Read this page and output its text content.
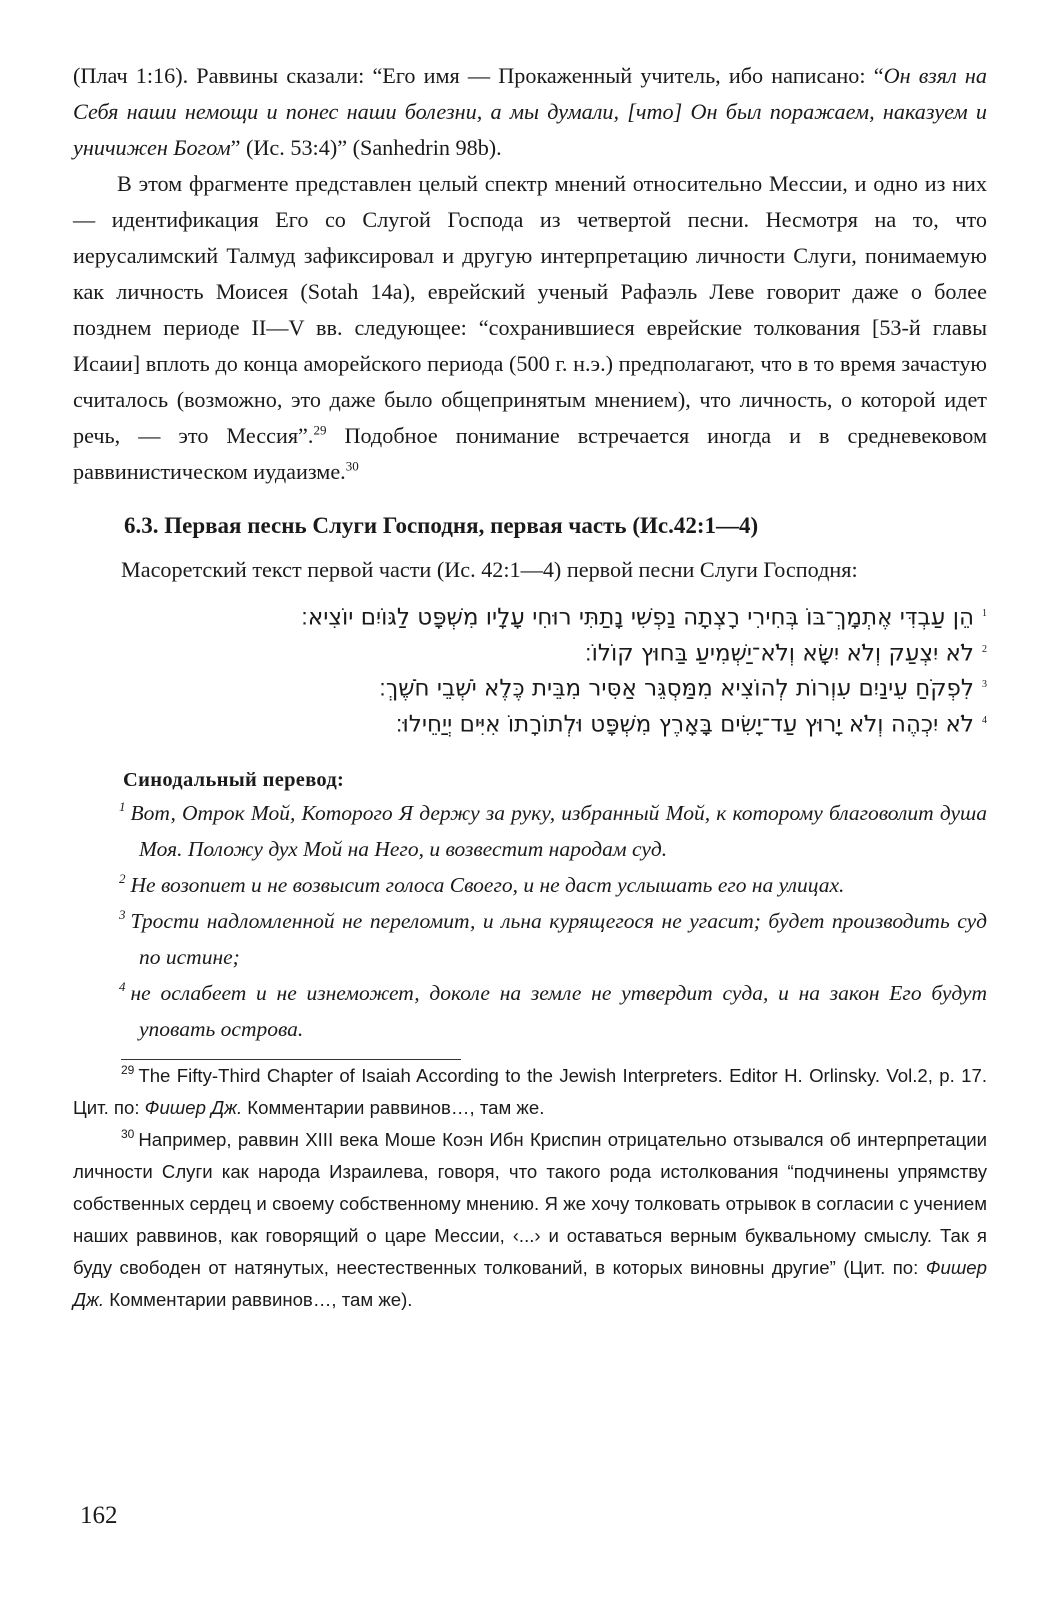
(Плач 1:16). Раввины сказали: “Его имя — Прокаженный учитель, ибо написано: “Он взял на Себя наши немощи и понес наши болезни, а мы думали, [что] Он был поражаем, наказуем и уничижен Богом” (Ис. 53:4)” (Sanhedrin 98b).

В этом фрагменте представлен целый спектр мнений относительно Мессии, и одно из них — идентификация Его со Слугой Господа из четвертой песни. Несмотря на то, что иерусалимский Талмуд зафиксировал и другую интерпретацию личности Слуги, понимаемую как личность Моисея (Sotah 14a), еврейский ученый Рафаэль Леве говорит даже о более позднем периоде II—V вв. следующее: “сохранившиеся еврейские толкования [53-й главы Исаии] вплоть до конца аморейского периода (500 г. н.э.) предполагают, что в то время зачастую считалось (возможно, это даже было общепринятым мнением), что личность, о которой идет речь, — это Мессия”.$^{29}$ Подобное понимание встречается иногда и в средневековом раввинистическом иудаизме.$^{30}$

6.3. Первая песнь Слуги Господня, первая часть (Ис.42:1—4)

Масоретский текст первой части (Ис. 42:1—4) первой песни Слуги Господня:

$^1$הֵן עַבְדִּי אֶתְמָךְ־בּוֹ בְּחִירִי רָצְתָה נַפְשִׁי נָתַתִּי רוּחִי עָלָיו מִשְׁפָּט לַגּוֹיִם יוֹצִיא׃
$^2$לֹא יִצְעַק וְלֹא יִשָּׂא וְלֹא־יַשְׁמִיעַ בַּחוּץ קוֹלוֹ׃
$^3$לִפְקֹחַ עֵינַיִם עִוְרוֹת לְהוֹצִיא מִמַּסְגֵּר אַסִּיר מִבֵּית כֶּלֶא יֹשְׁבֵי חֹשֶׁךְ׃
$^4$לֹא יִכְהֶה וְלֹא יָרוּץ עַד־יָשִׂים בָּאָרֶץ מִשְׁפָּט וּלְתוֹרָתוֹ אִיִּים יְיַחֵילוּ׃
Синодальный перевод:

$^1$ Вот, Отрок Мой, Которого Я держу за руку, избранный Мой, к которому благоволит душа Моя. Положу дух Мой на Него, и возвестит народам суд.

$^2$ Не возопиет и не возвысит голоса Своего, и не даст услышать его на улицах.

$^3$ Трости надломленной не переломит, и льна курящегося не угасит; будет производить суд по истине;

$^4$ не ослабеет и не изнеможет, доколе на земле не утвердит суда, и на закон Его будут уповать острова.

$^{29}$ The Fifty-Third Chapter of Isaiah According to the Jewish Interpreters. Editor H. Orlinsky. Vol.2, p. 17. Цит. по: Фишер Дж. Комментарии раввинов…, там же.

$^{30}$ Например, раввин XIII века Моше Коэн Ибн Криспин отрицательно отзывался об интерпретации личности Слуги как народа Израилева, говоря, что такого рода истолкования “подчинены упрямству собственных сердец и своему собственному мнению. Я же хочу толковать отрывок в согласии с учением наших раввинов, как говорящий о царе Мессии, ‹...› и оставаться верным буквальному смыслу. Так я буду свободен от натянутых, неестественных толкований, в которых виновны другие” (Цит. по: Фишер Дж. Комментарии раввинов…, там же).

162
